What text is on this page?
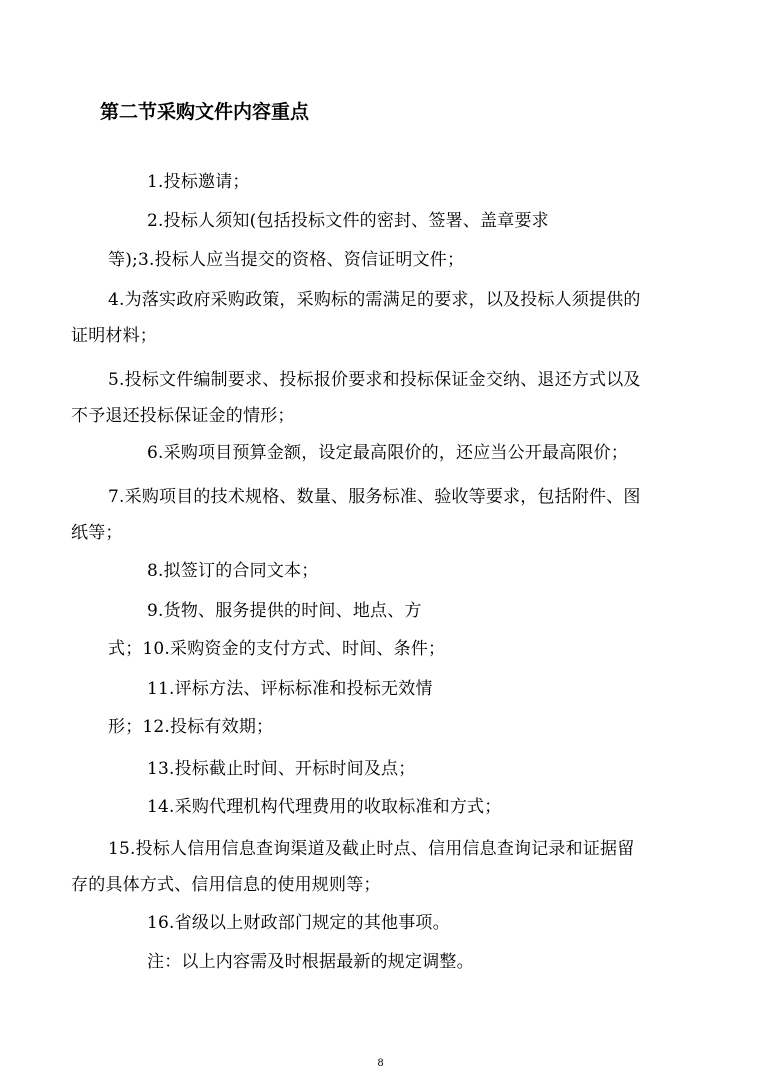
第二节采购文件内容重点
1.投标邀请；
2.投标人须知(包括投标文件的密封、签署、盖章要求
等);3.投标人应当提交的资格、资信证明文件；
4.为落实政府采购政策，采购标的需满足的要求，以及投标人须提供的
证明材料；
5.投标文件编制要求、投标报价要求和投标保证金交纳、退还方式以及
不予退还投标保证金的情形；
6.采购项目预算金额，设定最高限价的，还应当公开最高限价；
7.采购项目的技术规格、数量、服务标准、验收等要求，包括附件、图
纸等；
8.拟签订的合同文本；
9.货物、服务提供的时间、地点、方
式；10.采购资金的支付方式、时间、条件；
11.评标方法、评标标准和投标无效情
形；12.投标有效期；
13.投标截止时间、开标时间及点；
14.采购代理机构代理费用的收取标准和方式；
15.投标人信用信息查询渠道及截止时点、信用信息查询记录和证据留
存的具体方式、信用信息的使用规则等；
16.省级以上财政部门规定的其他事项。
注：以上内容需及时根据最新的规定调整。
8
